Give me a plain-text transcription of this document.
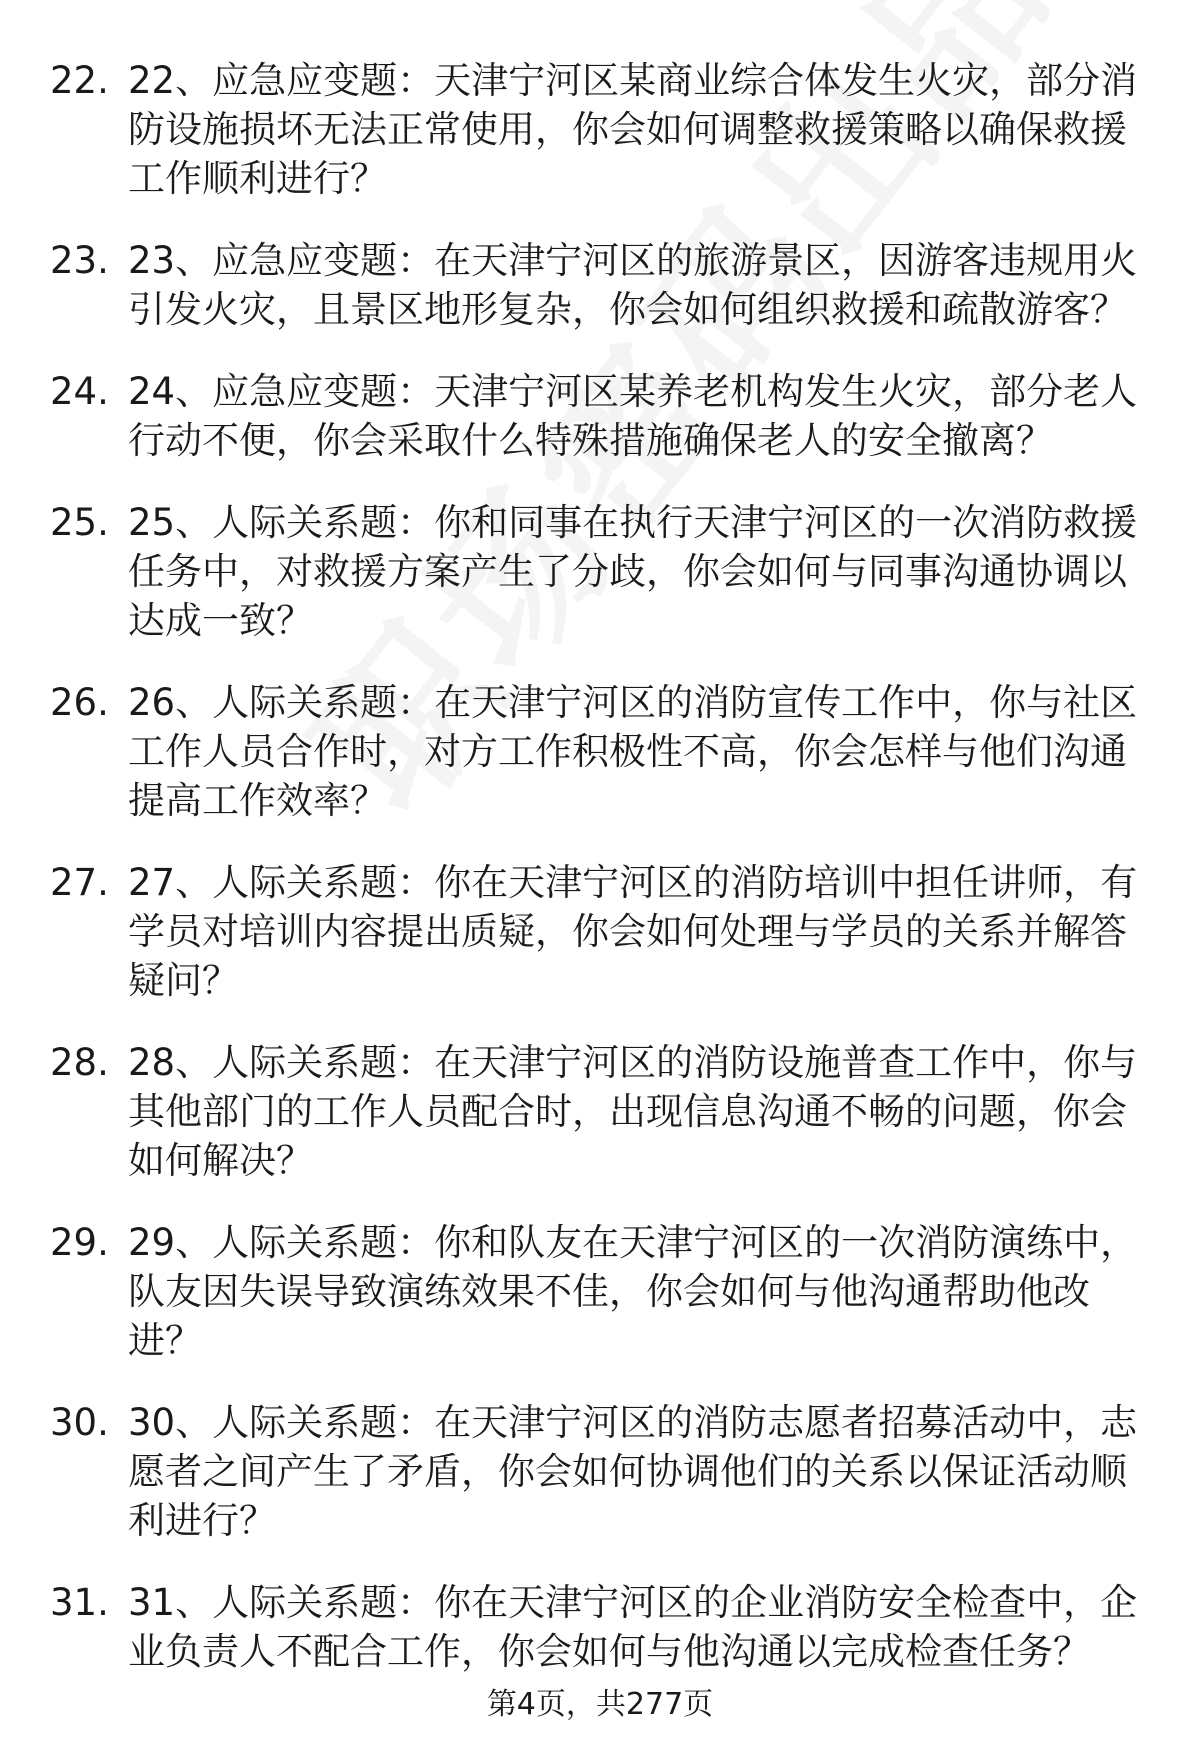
22. 22、应急应变题：天津宁河区某商业综合体发生火灾，部分消防设施损坏无法正常使用，你会如何调整救援策略以确保救援工作顺利进行？
23. 23、应急应变题：在天津宁河区的旅游景区，因游客违规用火引发火灾，且景区地形复杂，你会如何组织救援和疏散游客？
24. 24、应急应变题：天津宁河区某养老机构发生火灾，部分老人行动不便，你会采取什么特殊措施确保老人的安全撤离？
25. 25、人际关系题：你和同事在执行天津宁河区的一次消防救援任务中，对救援方案产生了分歧，你会如何与同事沟通协调以达成一致？
26. 26、人际关系题：在天津宁河区的消防宣传工作中，你与社区工作人员合作时，对方工作积极性不高，你会怎样与他们沟通提高工作效率？
27. 27、人际关系题：你在天津宁河区的消防培训中担任讲师，有学员对培训内容提出质疑，你会如何处理与学员的关系并解答疑问？
28. 28、人际关系题：在天津宁河区的消防设施普查工作中，你与其他部门的工作人员配合时，出现信息沟通不畅的问题，你会如何解决？
29. 29、人际关系题：你和队友在天津宁河区的一次消防演练中，队友因失误导致演练效果不佳，你会如何与他沟通帮助他改进？
30. 30、人际关系题：在天津宁河区的消防志愿者招募活动中，志愿者之间产生了矛盾，你会如何协调他们的关系以保证活动顺利进行？
31. 31、人际关系题：你在天津宁河区的企业消防安全检查中，企业负责人不配合工作，你会如何与他沟通以完成检查任务？
第4页，共277页
